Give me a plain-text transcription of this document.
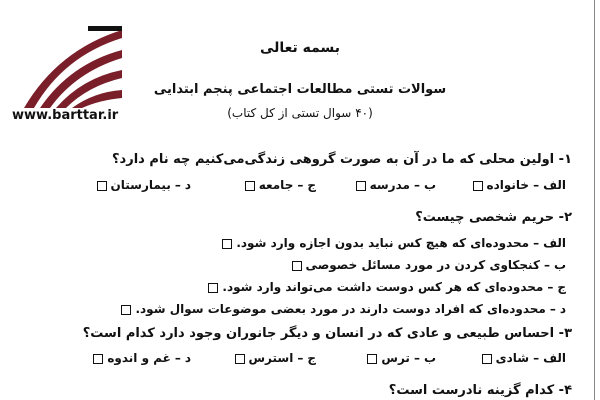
www.barttar.ir
بسمه تعالی
سوالات تستی مطالعات اجتماعی پنجم ابتدایی
(۴۰ سوال تستی از کل کتاب)
۱- اولین محلی که ما در آن به صورت گروهی زندگی‌می‌کنیم چه نام دارد؟
الف–خانواده
ب–مدرسه
ج–جامعه
د–بیمارستان
۲- حریم شخصی چیست؟
الف–محدوده‌ای که هیچ کس نباید بدون اجازه وارد شود.
ب–کنجکاوی کردن در مورد مسائل خصوصی
ج–محدوده‌ای که هر کس دوست داشت می‌تواند وارد شود.
د–محدوده‌ای که افراد دوست دارند در مورد بعضی موضوعات سوال شود.
۳- احساس طبیعی و عادی که در انسان و دیگر جانوران وجود دارد کدام است؟
الف–شادی
ب–ترس
ج–استرس
د–غم و اندوه
۴- کدام گزینه نادرست است؟
